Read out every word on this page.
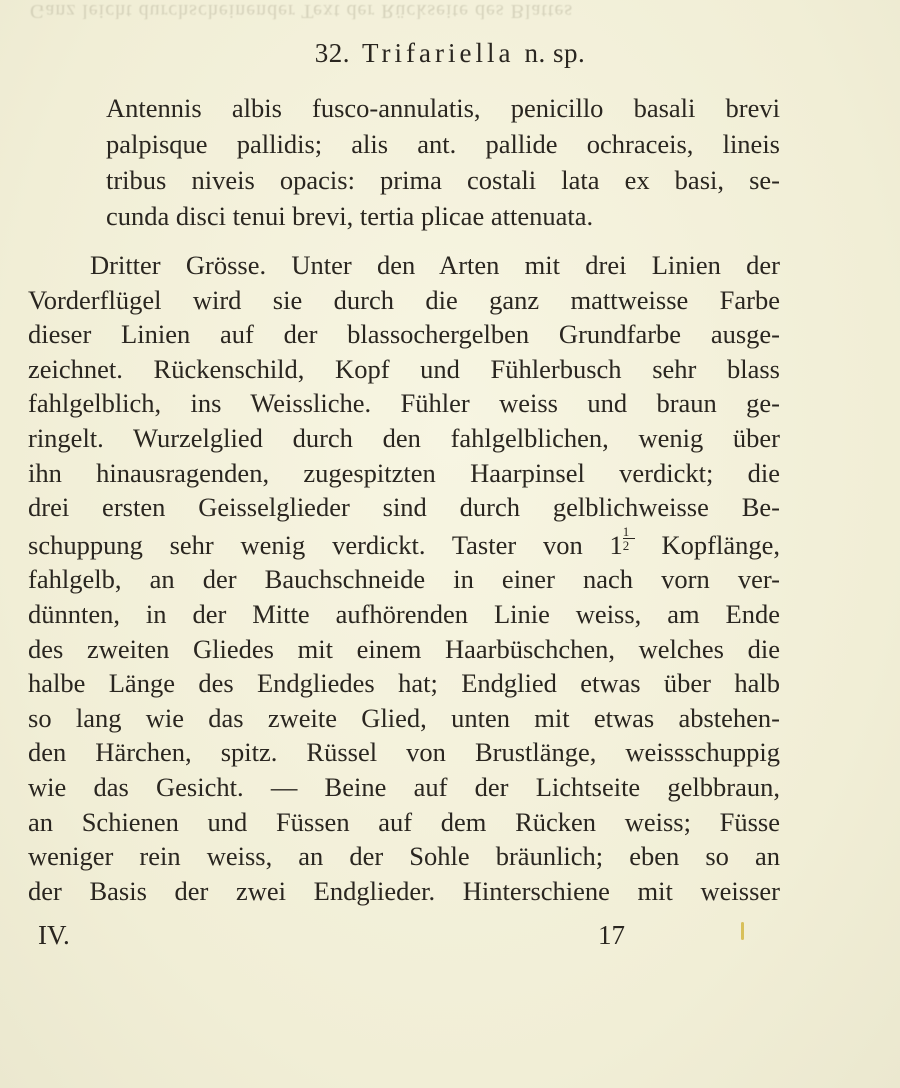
Ganz leicht durchscheinender Text der Rückseite des Blattes
32. Trifariella n. sp.
Antennis albis fusco-annulatis, penicillo basali brevi
palpisque pallidis; alis ant. pallide ochraceis, lineis
tribus niveis opacis: prima costali lata ex basi, se-
cunda disci tenui brevi, tertia plicae attenuata.
Dritter Grösse. Unter den Arten mit drei Linien der
Vorderflügel wird sie durch die ganz mattweisse Farbe
dieser Linien auf der blassochergelben Grundfarbe ausge-
zeichnet. Rückenschild, Kopf und Fühlerbusch sehr blass
fahlgelblich, ins Weissliche. Fühler weiss und braun ge-
ringelt. Wurzelglied durch den fahlgelblichen, wenig über
ihn hinausragenden, zugespitzten Haarpinsel verdickt; die
drei ersten Geisselglieder sind durch gelblichweisse Be-
schuppung sehr wenig verdickt. Taster von $1 \frac{1}{2}$ Kopflänge,
fahlgelb, an der Bauchschneide in einer nach vorn ver-
dünnten, in der Mitte aufhörenden Linie weiss, am Ende
des zweiten Gliedes mit einem Haarbüschchen, welches die
halbe Länge des Endgliedes hat; Endglied etwas über halb
so lang wie das zweite Glied, unten mit etwas abstehen-
den Härchen, spitz. Rüssel von Brustlänge, weissschuppig
wie das Gesicht. — Beine auf der Lichtseite gelbbraun,
an Schienen und Füssen auf dem Rücken weiss; Füsse
weniger rein weiss, an der Sohle bräunlich; eben so an
der Basis der zwei Endglieder. Hinterschiene mit weisser
IV.	17
